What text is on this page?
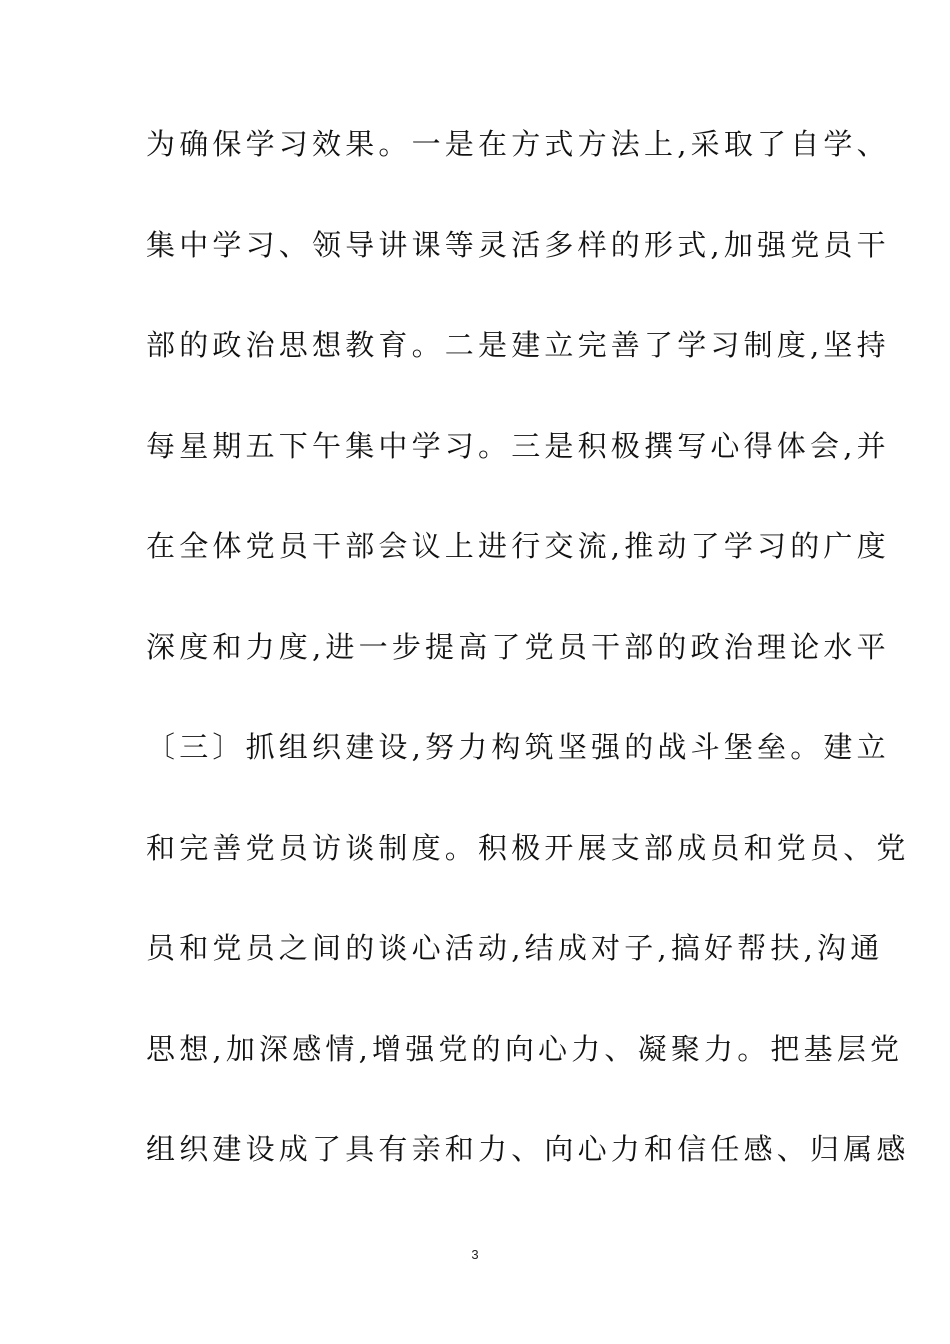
为确保学习效果。一是在方式方法上,采取了自学、
集中学习、领导讲课等灵活多样的形式,加强党员干
部的政治思想教育。二是建立完善了学习制度,坚持
每星期五下午集中学习。三是积极撰写心得体会,并
在全体党员干部会议上进行交流,推动了学习的广度
深度和力度,进一步提高了党员干部的政治理论水平
〔三〕抓组织建设,努力构筑坚强的战斗堡垒。建立
和完善党员访谈制度。积极开展支部成员和党员、党
员和党员之间的谈心活动,结成对子,搞好帮扶,沟通
思想,加深感情,增强党的向心力、凝聚力。把基层党
组织建设成了具有亲和力、向心力和信任感、归属感
3
